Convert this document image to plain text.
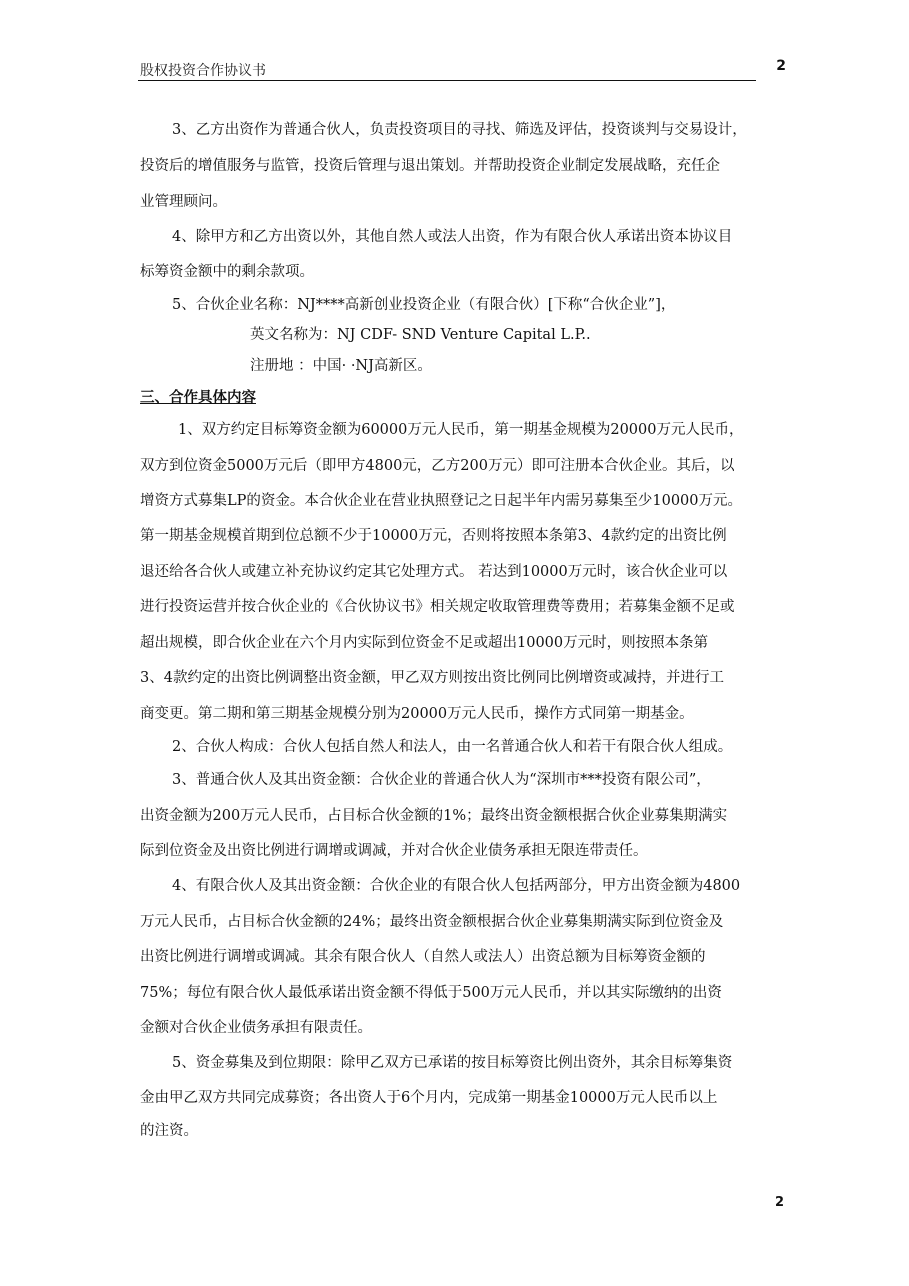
股权投资合作协议书	2
3、乙方出资作为普通合伙人，负责投资项目的寻找、筛选及评估，投资谈判与交易设计，
投资后的增值服务与监管，投资后管理与退出策划。并帮助投资企业制定发展战略，充任企
业管理顾问。
4、除甲方和乙方出资以外，其他自然人或法人出资，作为有限合伙人承诺出资本协议目
标筹资金额中的剩余款项。
5、合伙企业名称：NJ****高新创业投资企业（有限合伙）[下称“合伙企业”]，
英文名称为：NJ CDF- SND Venture Capital L.P..
注册地 ：中国· ·NJ高新区。
三、合作具体内容
1、双方约定目标筹资金额为60000万元人民币，第一期基金规模为20000万元人民币，
双方到位资金5000万元后（即甲方4800元，乙方200万元）即可注册本合伙企业。其后，以
增资方式募集LP的资金。本合伙企业在营业执照登记之日起半年内需另募集至少10000万元。
第一期基金规模首期到位总额不少于10000万元，否则将按照本条第3、4款约定的出资比例
退还给各合伙人或建立补充协议约定其它处理方式。 若达到10000万元时，该合伙企业可以
进行投资运营并按合伙企业的《合伙协议书》相关规定收取管理费等费用；若募集金额不足或
超出规模，即合伙企业在六个月内实际到位资金不足或超出10000万元时，则按照本条第
3、4款约定的出资比例调整出资金额，甲乙双方则按出资比例同比例增资或减持，并进行工
商变更。第二期和第三期基金规模分别为20000万元人民币，操作方式同第一期基金。
2、合伙人构成：合伙人包括自然人和法人，由一名普通合伙人和若干有限合伙人组成。
3、普通合伙人及其出资金额：合伙企业的普通合伙人为“深圳市***投资有限公司”，
出资金额为200万元人民币，占目标合伙金额的1%；最终出资金额根据合伙企业募集期满实
际到位资金及出资比例进行调增或调减，并对合伙企业债务承担无限连带责任。
4、有限合伙人及其出资金额：合伙企业的有限合伙人包括两部分，甲方出资金额为4800
万元人民币，占目标合伙金额的24%；最终出资金额根据合伙企业募集期满实际到位资金及
出资比例进行调增或调减。其余有限合伙人（自然人或法人）出资总额为目标筹资金额的
75%；每位有限合伙人最低承诺出资金额不得低于500万元人民币，并以其实际缴纳的出资
金额对合伙企业债务承担有限责任。
5、资金募集及到位期限：除甲乙双方已承诺的按目标筹资比例出资外，其余目标筹集资
金由甲乙双方共同完成募资；各出资人于6个月内，完成第一期基金10000万元人民币以上
的注资。
2
